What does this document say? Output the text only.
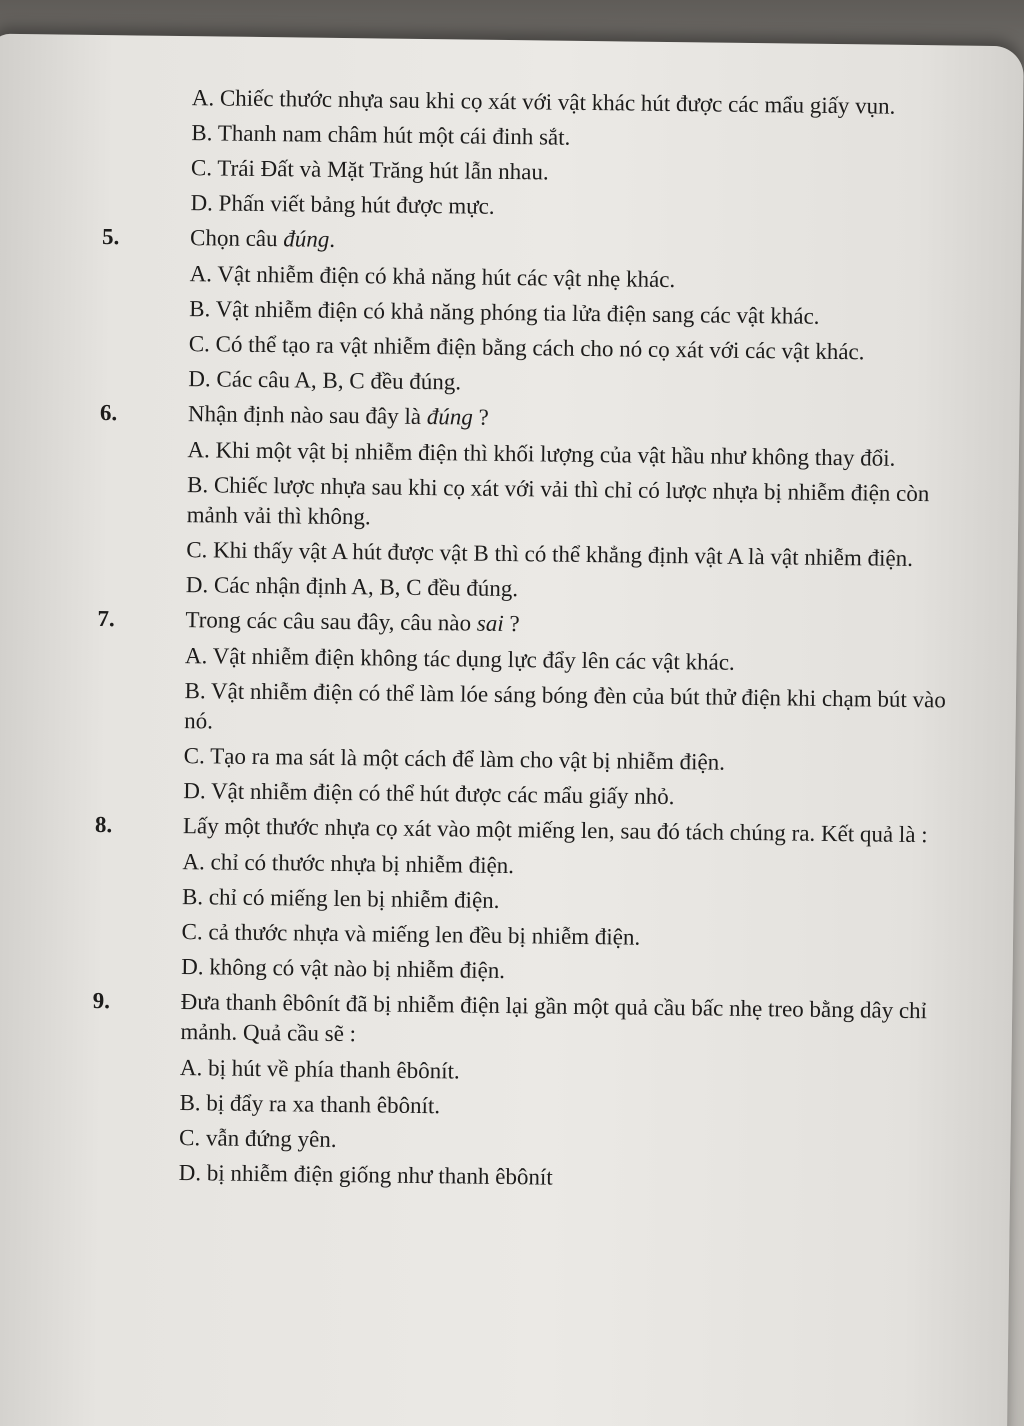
A. Chiếc thước nhựa sau khi cọ xát với vật khác hút được các mẩu giấy vụn.
B. Thanh nam châm hút một cái đinh sắt.
C. Trái Đất và Mặt Trăng hút lẫn nhau.
D. Phấn viết bảng hút được mực.
5.	Chọn câu đúng.
A. Vật nhiễm điện có khả năng hút các vật nhẹ khác.
B. Vật nhiễm điện có khả năng phóng tia lửa điện sang các vật khác.
C. Có thể tạo ra vật nhiễm điện bằng cách cho nó cọ xát với các vật khác.
D. Các câu A, B, C đều đúng.
6.	Nhận định nào sau đây là đúng ?
A. Khi một vật bị nhiễm điện thì khối lượng của vật hầu như không thay đổi.
B. Chiếc lược nhựa sau khi cọ xát với vải thì chỉ có lược nhựa bị nhiễm điện còn mảnh vải thì không.
C. Khi thấy vật A hút được vật B thì có thể khẳng định vật A là vật nhiễm điện.
D. Các nhận định A, B, C đều đúng.
7.	Trong các câu sau đây, câu nào sai ?
A. Vật nhiễm điện không tác dụng lực đẩy lên các vật khác.
B. Vật nhiễm điện có thể làm lóe sáng bóng đèn của bút thử điện khi chạm bút vào nó.
C. Tạo ra ma sát là một cách để làm cho vật bị nhiễm điện.
D. Vật nhiễm điện có thể hút được các mẩu giấy nhỏ.
8.	Lấy một thước nhựa cọ xát vào một miếng len, sau đó tách chúng ra. Kết quả là :
A. chỉ có thước nhựa bị nhiễm điện.
B. chỉ có miếng len bị nhiễm điện.
C. cả thước nhựa và miếng len đều bị nhiễm điện.
D. không có vật nào bị nhiễm điện.
9.	Đưa thanh êbônít đã bị nhiễm điện lại gần một quả cầu bấc nhẹ treo bằng dây chỉ mảnh. Quả cầu sẽ :
A. bị hút về phía thanh êbônít.
B. bị đẩy ra xa thanh êbônít.
C. vẫn đứng yên.
D. bị nhiễm điện giống như thanh êbônít
